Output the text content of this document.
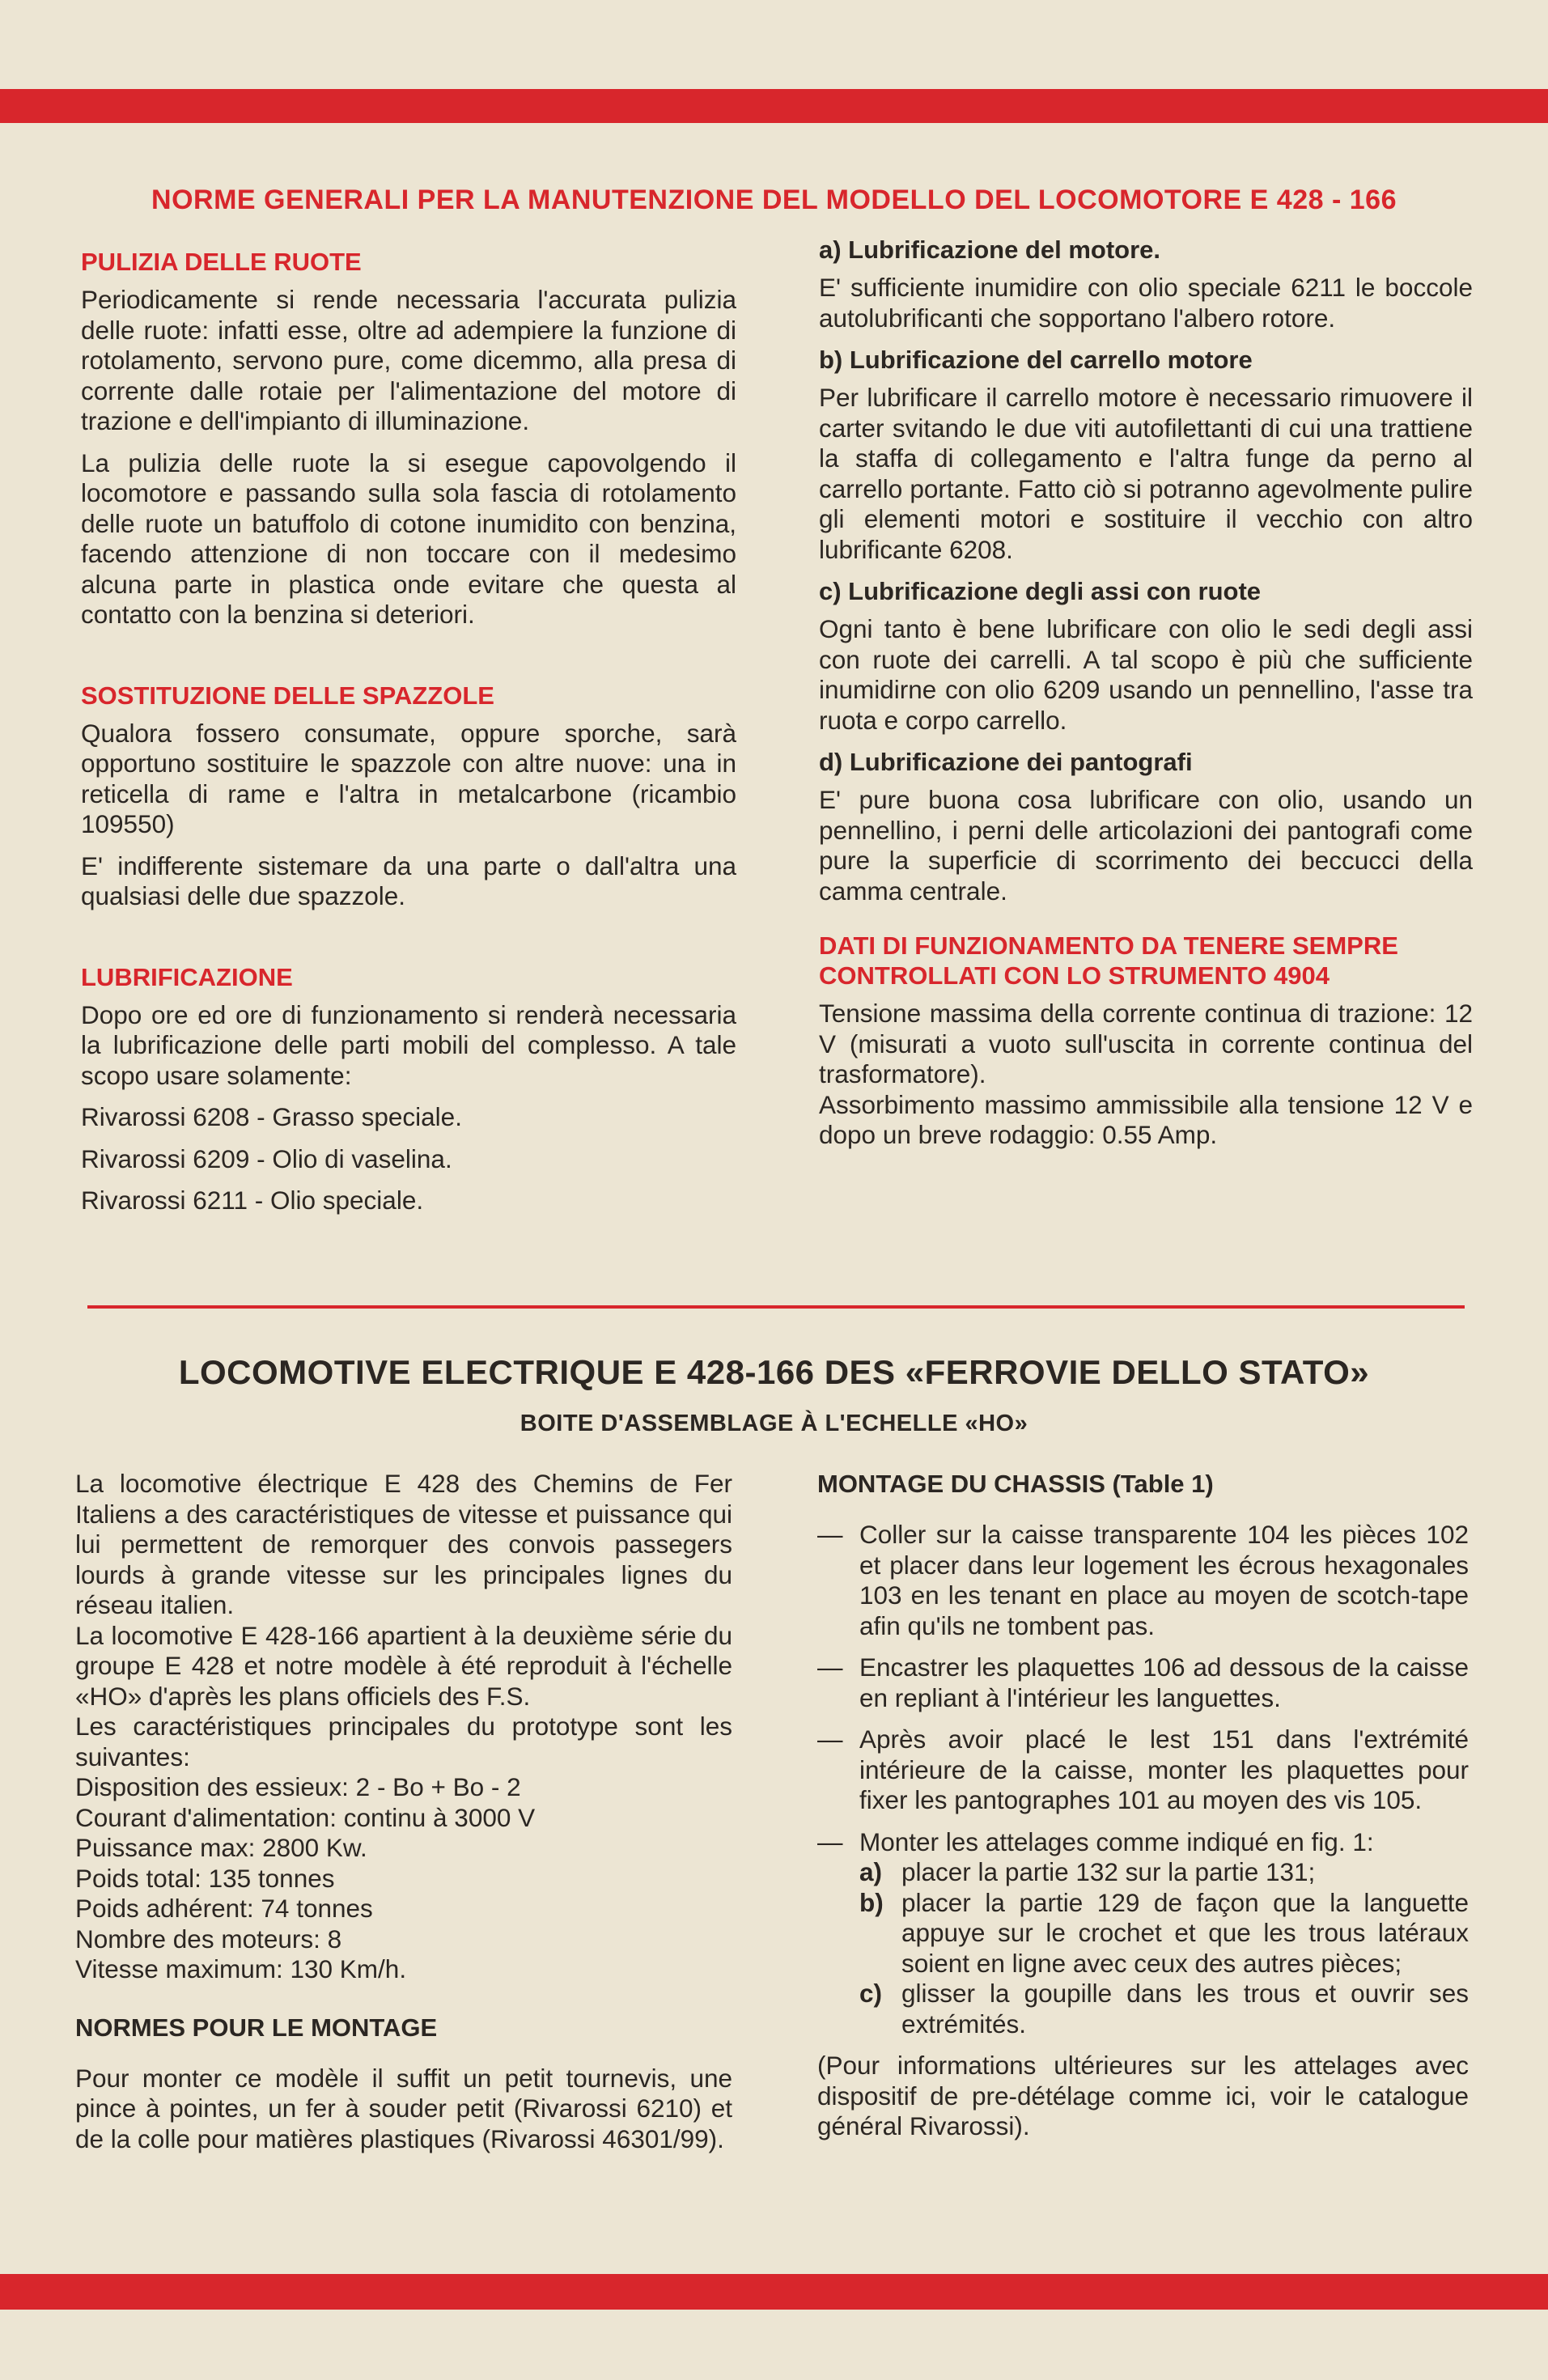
NORME GENERALI PER LA MANUTENZIONE DEL MODELLO DEL LOCOMOTORE E 428 - 166
PULIZIA DELLE RUOTE

Periodicamente si rende necessaria l'accurata pulizia delle ruote: infatti esse, oltre ad adempiere la funzione di rotolamento, servono pure, come dicemmo, alla presa di corrente dalle rotaie per l'alimentazione del motore di trazione e dell'impianto di illuminazione.

La pulizia delle ruote la si esegue capovolgendo il locomotore e passando sulla sola fascia di rotolamento delle ruote un batuffolo di cotone inumidito con benzina, facendo attenzione di non toccare con il medesimo alcuna parte in plastica onde evitare che questa al contatto con la benzina si deteriori.

SOSTITUZIONE DELLE SPAZZOLE

Qualora fossero consumate, oppure sporche, sarà opportuno sostituire le spazzole con altre nuove: una in reticella di rame e l'altra in metalcarbone (ricambio 109550)

E' indifferente sistemare da una parte o dall'altra una qualsiasi delle due spazzole.

LUBRIFICAZIONE

Dopo ore ed ore di funzionamento si renderà necessaria la lubrificazione delle parti mobili del complesso. A tale scopo usare solamente:

Rivarossi 6208 - Grasso speciale.

Rivarossi 6209 - Olio di vaselina.

Rivarossi 6211 - Olio speciale.

a) Lubrificazione del motore.

E' sufficiente inumidire con olio speciale 6211 le boccole autolubrificanti che sopportano l'albero rotore.

b) Lubrificazione del carrello motore

Per lubrificare il carrello motore è necessario rimuovere il carter svitando le due viti autofilettanti di cui una trattiene la staffa di collegamento e l'altra funge da perno al carrello portante. Fatto ciò si potranno agevolmente pulire gli elementi motori e sostituire il vecchio con altro lubrificante 6208.

c) Lubrificazione degli assi con ruote

Ogni tanto è bene lubrificare con olio le sedi degli assi con ruote dei carrelli. A tal scopo è più che sufficiente inumidirne con olio 6209 usando un pennellino, l'asse tra ruota e corpo carrello.

d) Lubrificazione dei pantografi

E' pure buona cosa lubrificare con olio, usando un pennellino, i perni delle articolazioni dei pantografi come pure la superficie di scorrimento dei beccucci della camma centrale.

DATI DI FUNZIONAMENTO DA TENERE SEMPRE CONTROLLATI CON LO STRUMENTO 4904

Tensione massima della corrente continua di trazione: 12 V (misurati a vuoto sull'uscita in corrente continua del trasformatore).

Assorbimento massimo ammissibile alla tensione 12 V e dopo un breve rodaggio: 0.55 Amp.

LOCOMOTIVE ELECTRIQUE E 428-166 DES «FERROVIE DELLO STATO»
BOITE D'ASSEMBLAGE À L'ECHELLE «HO»

La locomotive électrique E 428 des Chemins de Fer Italiens a des caractéristiques de vitesse et puissance qui lui permettent de remorquer des convois passegers lourds à grande vitesse sur les principales lignes du réseau italien.

La locomotive E 428-166 apartient à la deuxième série du groupe E 428 et notre modèle à été reproduit à l'échelle «HO» d'après les plans officiels des F.S.

Les caractéristiques principales du prototype sont les suivantes:

Disposition des essieux: 2 - Bo + Bo - 2

Courant d'alimentation: continu à 3000 V

Puissance max: 2800 Kw.

Poids total: 135 tonnes

Poids adhérent: 74 tonnes

Nombre des moteurs: 8

Vitesse maximum: 130 Km/h.

NORMES POUR LE MONTAGE

Pour monter ce modèle il suffit un petit tournevis, une pince à pointes, un fer à souder petit (Rivarossi 6210) et de la colle pour matières plastiques (Rivarossi 46301/99).

MONTAGE DU CHASSIS (Table 1)
— Coller sur la caisse transparente 104 les pièces 102 et placer dans leur logement les écrous hexagonales 103 en les tenant en place au moyen de scotch-tape afin qu'ils ne tombent pas.
— Encastrer les plaquettes 106 ad dessous de la caisse en repliant à l'intérieur les languettes.
— Après avoir placé le lest 151 dans l'extrémité intérieure de la caisse, monter les plaquettes pour fixer les pantographes 101 au moyen des vis 105.
— Monter les attelages comme indiqué en fig. 1:
a) placer la partie 132 sur la partie 131;
b) placer la partie 129 de façon que la languette appuye sur le crochet et que les trous latéraux soient en ligne avec ceux des autres pièces;
c) glisser la goupille dans les trous et ouvrir ses extrémités.

(Pour informations ultérieures sur les attelages avec dispositif de pre-détélage comme ici, voir le catalogue général Rivarossi).
